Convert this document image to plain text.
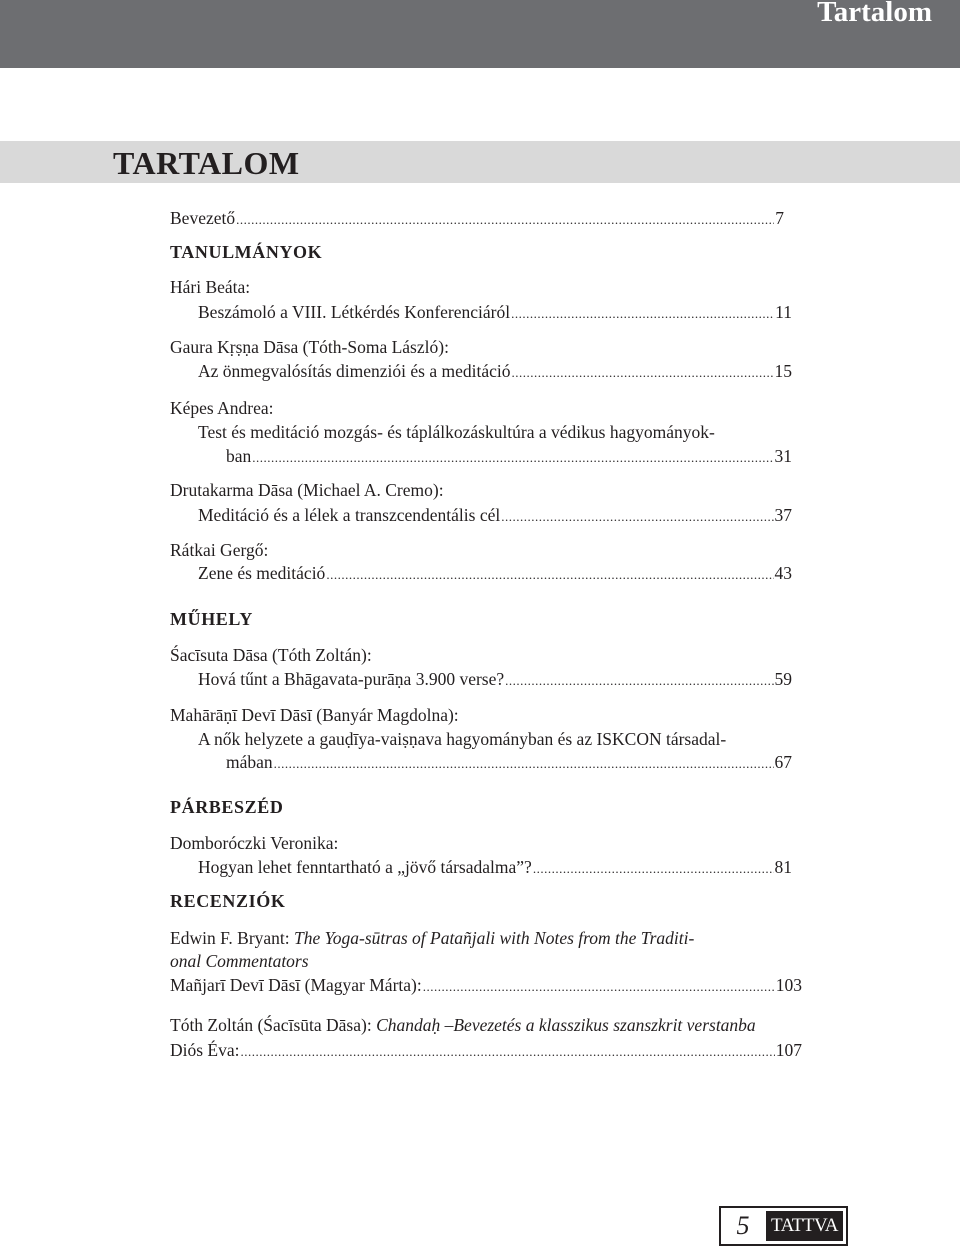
Tartalom
TARTALOM
Bevezető .....	7
TANULMÁNYOK
Hári Beáta:
Beszámoló a VIII. Létkérdés Konferenciáról .....	11
Gaura Kṛṣṇa Dāsa (Tóth-Soma László):
Az önmegvalósítás dimenziói és a meditáció .....	15
Képes Andrea:
Test és meditáció mozgás- és táplálkozáskultúra a védikus hagyományok-
ban .....	31
Drutakarma Dāsa (Michael A. Cremo):
Meditáció és a lélek a transzcendentális cél .....	37
Rátkai Gergő:
Zene és meditáció .....	43
MŰHELY
Śacīsuta Dāsa (Tóth Zoltán):
Hová tűnt a Bhāgavata-purāṇa 3.900 verse? .....	59
Mahārāṇī Devī Dāsī (Banyár Magdolna):
A nők helyzete a gauḍīya-vaiṣṇava hagyományban és az ISKCON társadal-
mában .....	67
PÁRBESZÉD
Domboróczki Veronika:
Hogyan lehet fenntartható a „jövő társadalma”? .....	81
RECENZIÓK
Edwin F. Bryant: The Yoga-sūtras of Patañjali with Notes from the Traditi-
onal Commentators
Mañjarī Devī Dāsī (Magyar Márta): .....	103
Tóth Zoltán (Śacīsūta Dāsa): Chandaḥ –Bevezetés a klasszikus szanszkrit verstanba
Diós Éva: .....	107
5	TATTVA
